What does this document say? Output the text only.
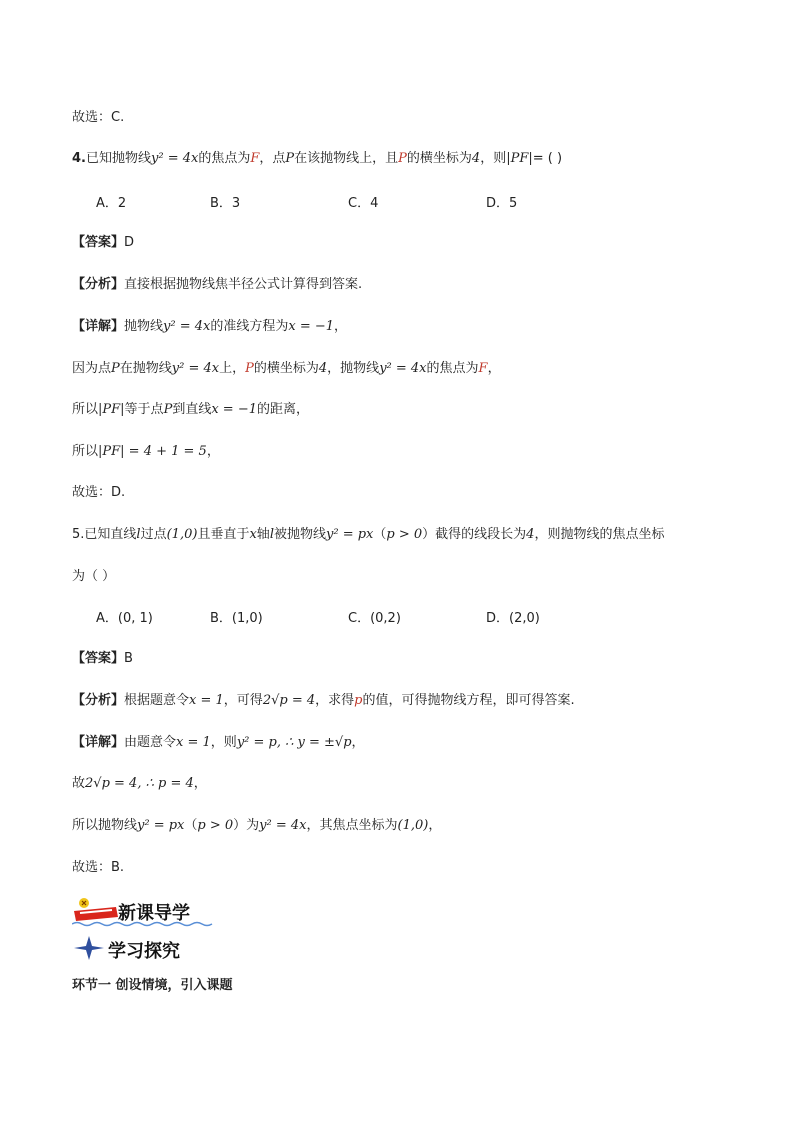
故选：C.
4.已知抛物线y² = 4x的焦点为F，点P在该抛物线上，且P的横坐标为4，则|PF|= ( )
A．2	B．3	C．4	D．5
【答案】D
【分析】直接根据抛物线焦半径公式计算得到答案.
【详解】抛物线y² = 4x的准线方程为x = −1，
因为点P在抛物线y² = 4x上，P的横坐标为4，抛物线y² = 4x的焦点为F，
所以|PF|等于点P到直线x = −1的距离，
所以|PF| = 4 + 1 = 5，
故选：D.
5.已知直线l过点(1,0)且垂直于x轴l被抛物线y² = px（p > 0）截得的线段长为4，则抛物线的焦点坐标
为（ ）
A．(0, 1)	B．(1,0)	C．(0,2)	D．(2,0)
【答案】B
【分析】根据题意令x = 1，可得2√p = 4，求得p的值，可得抛物线方程，即可得答案.
【详解】由题意令x = 1，则y² = p, ∴ y = ±√p，
故2√p = 4, ∴ p = 4，
所以抛物线y² = px（p > 0）为y² = 4x，其焦点坐标为(1,0)，
故选：B.
新课导学
学习探究
环节一 创设情境，引入课题
